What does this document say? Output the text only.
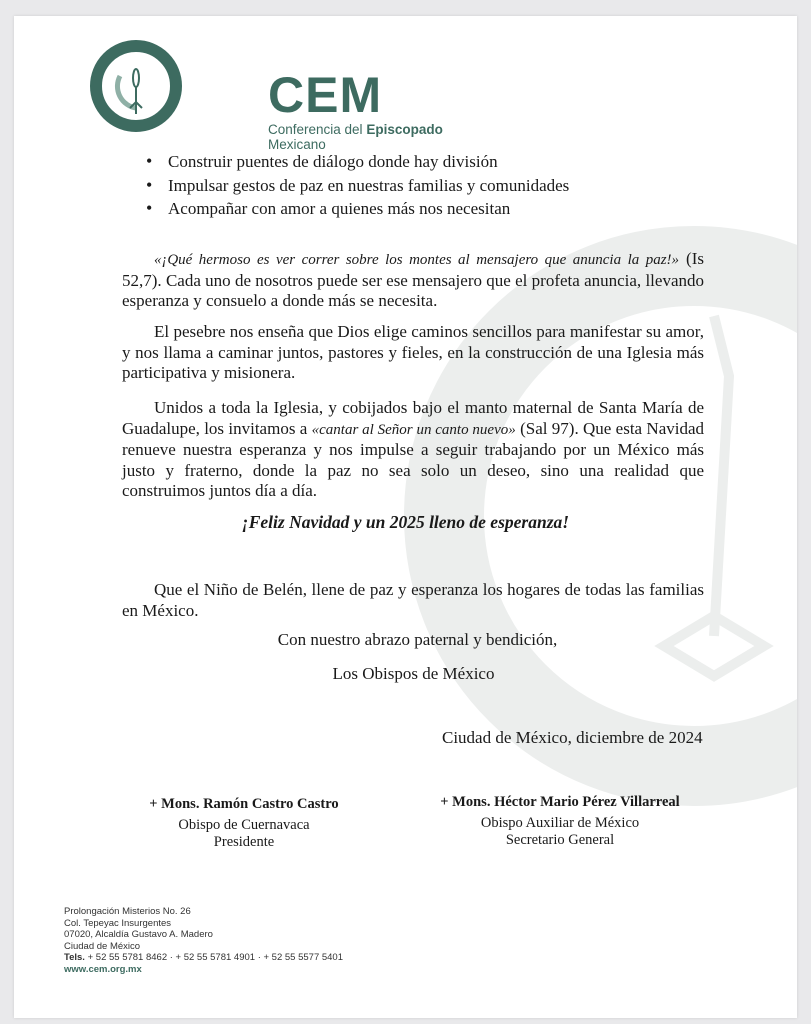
CEM
Conferencia del Episcopado Mexicano
• Construir puentes de diálogo donde hay división
• Impulsar gestos de paz en nuestras familias y comunidades
• Acompañar con amor a quienes más nos necesitan
«¡Qué hermoso es ver correr sobre los montes al mensajero que anuncia la paz!» (Is 52,7). Cada uno de nosotros puede ser ese mensajero que el profeta anuncia, llevando esperanza y consuelo a donde más se necesita.
El pesebre nos enseña que Dios elige caminos sencillos para manifestar su amor, y nos llama a caminar juntos, pastores y fieles, en la construcción de una Iglesia más participativa y misionera.
Unidos a toda la Iglesia, y cobijados bajo el manto maternal de Santa María de Guadalupe, los invitamos a «cantar al Señor un canto nuevo» (Sal 97). Que esta Navidad renueve nuestra esperanza y nos impulse a seguir trabajando por un México más justo y fraterno, donde la paz no sea solo un deseo, sino una realidad que construimos juntos día a día.
¡Feliz Navidad y un 2025 lleno de esperanza!
Que el Niño de Belén, llene de paz y esperanza los hogares de todas las familias en México.
Con nuestro abrazo paternal y bendición,
Los Obispos de México
Ciudad de México, diciembre de 2024
+ Mons. Ramón Castro Castro
Obispo de Cuernavaca
Presidente
+ Mons. Héctor Mario Pérez Villarreal
Obispo Auxiliar de México
Secretario General
Prolongación Misterios No. 26
Col. Tepeyac Insurgentes
07020, Alcaldía Gustavo A. Madero
Ciudad de México
Tels. + 52 55 5781 8462 · + 52 55 5781 4901 · + 52 55 5577 5401
www.cem.org.mx
